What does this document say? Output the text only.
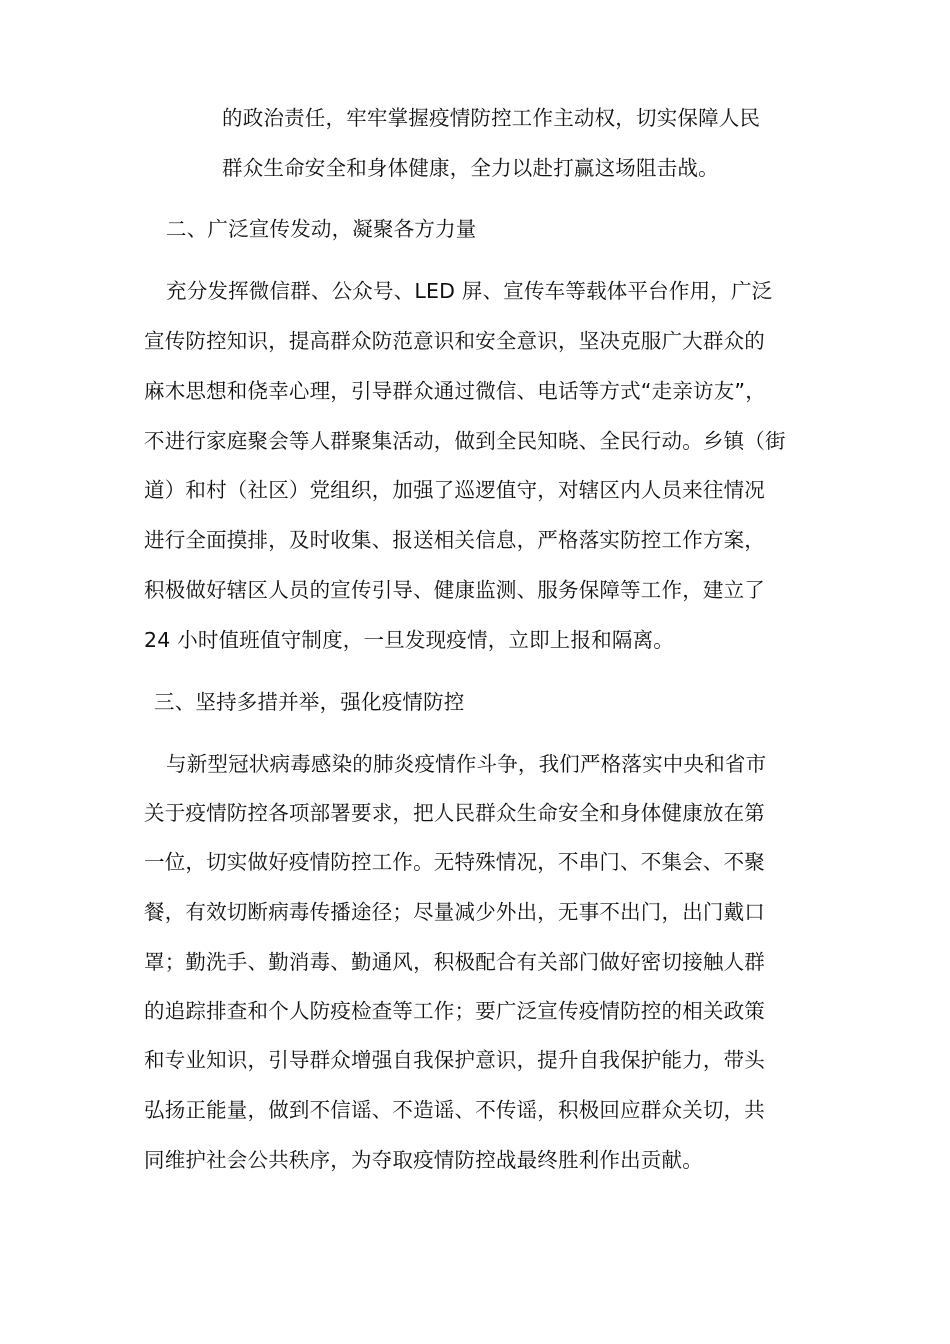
的政治责任，牢牢掌握疫情防控工作主动权，切实保障人民
群众生命安全和身体健康，全力以赴打赢这场阻击战。
二、广泛宣传发动，凝聚各方力量
充分发挥微信群、公众号、LED 屏、宣传车等载体平台作用，广泛
宣传防控知识，提高群众防范意识和安全意识，坚决克服广大群众的
麻木思想和侥幸心理，引导群众通过微信、电话等方式“走亲访友”，
不进行家庭聚会等人群聚集活动，做到全民知晓、全民行动。乡镇（街
道）和村（社区）党组织，加强了巡逻值守，对辖区内人员来往情况
进行全面摸排，及时收集、报送相关信息，严格落实防控工作方案，
积极做好辖区人员的宣传引导、健康监测、服务保障等工作，建立了
24 小时值班值守制度，一旦发现疫情，立即上报和隔离。
三、坚持多措并举，强化疫情防控
与新型冠状病毒感染的肺炎疫情作斗争，我们严格落实中央和省市
关于疫情防控各项部署要求，把人民群众生命安全和身体健康放在第
一位，切实做好疫情防控工作。无特殊情况，不串门、不集会、不聚
餐，有效切断病毒传播途径；尽量减少外出，无事不出门，出门戴口
罩；勤洗手、勤消毒、勤通风，积极配合有关部门做好密切接触人群
的追踪排查和个人防疫检查等工作；要广泛宣传疫情防控的相关政策
和专业知识，引导群众增强自我保护意识，提升自我保护能力，带头
弘扬正能量，做到不信谣、不造谣、不传谣，积极回应群众关切，共
同维护社会公共秩序，为夺取疫情防控战最终胜利作出贡献。
